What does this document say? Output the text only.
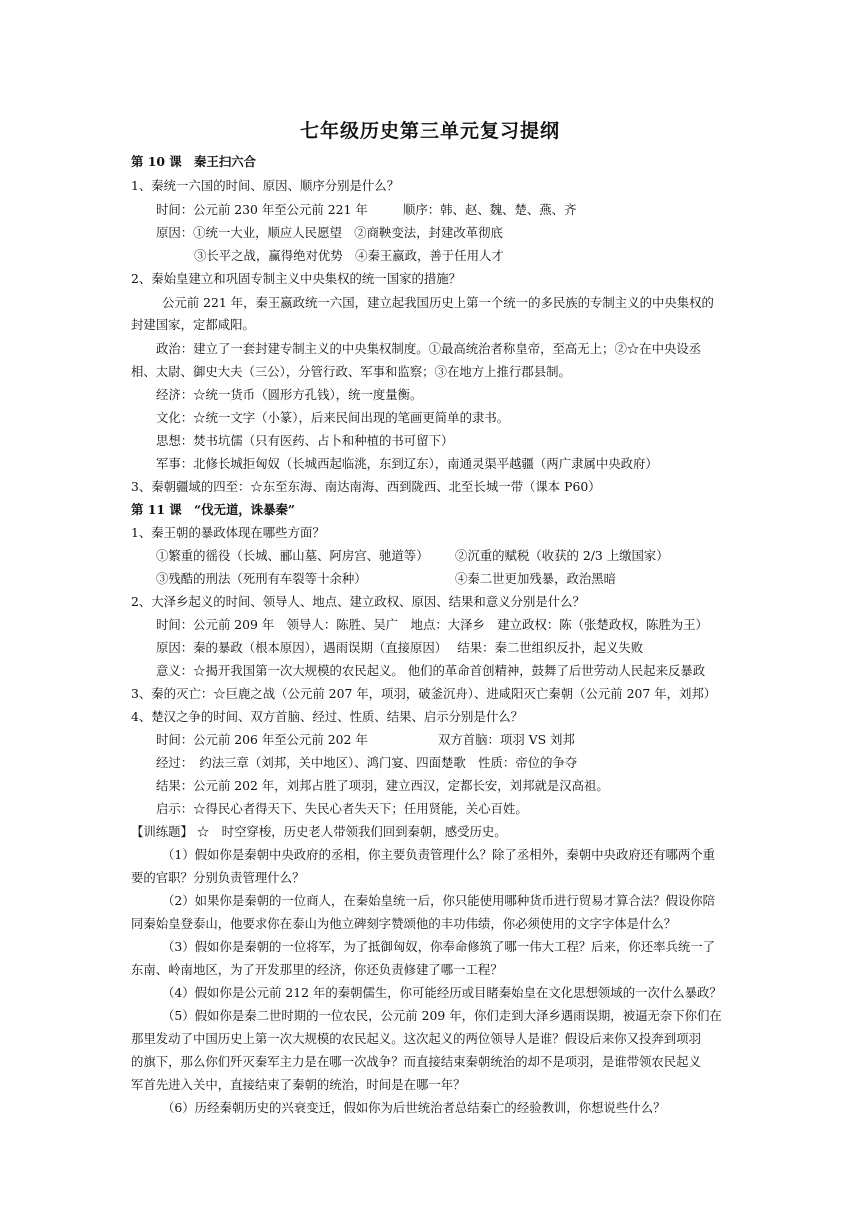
七年级历史第三单元复习提纲
第 10 课　秦王扫六合
1、秦统一六国的时间、原因、顺序分别是什么？
时间：公元前 230 年至公元前 221 年	顺序：韩、赵、魏、楚、燕、齐
原因：①统一大业，顺应人民愿望　②商鞅变法，封建改革彻底
③长平之战，赢得绝对优势　④秦王嬴政，善于任用人才
2、秦始皇建立和巩固专制主义中央集权的统一国家的措施？
公元前 221 年，秦王嬴政统一六国，建立起我国历史上第一个统一的多民族的专制主义的中央集权的
封建国家，定都咸阳。
政治：建立了一套封建专制主义的中央集权制度。①最高统治者称皇帝，至高无上；②☆在中央设丞
相、太尉、御史大夫（三公），分管行政、军事和监察；③在地方上推行郡县制。
经济：☆统一货币（圆形方孔钱），统一度量衡。
文化：☆统一文字（小篆），后来民间出现的笔画更简单的隶书。
思想：焚书坑儒（只有医药、占卜和种植的书可留下）
军事：北修长城拒匈奴（长城西起临洮，东到辽东），南通灵渠平越疆（两广隶属中央政府）
3、秦朝疆域的四至：☆东至东海、南达南海、西到陇西、北至长城一带（课本 P60）
第 11 课　“伐无道，诛暴秦”
1、秦王朝的暴政体现在哪些方面？
①繁重的徭役（长城、郦山墓、阿房宫、驰道等）	②沉重的赋税（收获的 2/3 上缴国家）
③残酷的刑法（死刑有车裂等十余种）	④秦二世更加残暴，政治黑暗
2、大泽乡起义的时间、领导人、地点、建立政权、原因、结果和意义分别是什么？
时间：公元前 209 年　领导人：陈胜、吴广　地点：大泽乡　建立政权：陈（张楚政权，陈胜为王）
原因：秦的暴政（根本原因），遇雨误期（直接原因）　 结果：秦二世组织反扑，起义失败
意义：☆揭开我国第一次大规模的农民起义。 他们的革命首创精神，鼓舞了后世劳动人民起来反暴政
3、秦的灭亡：☆巨鹿之战（公元前 207 年，项羽，破釜沉舟）、进咸阳灭亡秦朝（公元前 207 年，刘邦）
4、楚汉之争的时间、双方首脑、经过、性质、结果、启示分别是什么？
时间：公元前 206 年至公元前 202 年	双方首脑：项羽 VS 刘邦
经过：　约法三章（刘邦，关中地区）、鸿门宴、四面楚歌　性质：帝位的争夺
结果：公元前 202 年，刘邦占胜了项羽，建立西汉，定都长安，刘邦就是汉高祖。
启示：☆得民心者得天下、失民心者失天下；任用贤能，关心百姓。
【训练题】 ☆　时空穿梭，历史老人带领我们回到秦朝，感受历史。
（1）假如你是秦朝中央政府的丞相，你主要负责管理什么？除了丞相外，秦朝中央政府还有哪两个重
要的官职？分别负责管理什么？
（2）如果你是秦朝的一位商人，在秦始皇统一后，你只能使用哪种货币进行贸易才算合法？假设你陪
同秦始皇登泰山，他要求你在泰山为他立碑刻字赞颂他的丰功伟绩，你必须使用的文字字体是什么？
（3）假如你是秦朝的一位将军，为了抵御匈奴，你奉命修筑了哪一伟大工程？后来，你还率兵统一了
东南、岭南地区，为了开发那里的经济，你还负责修建了哪一工程？
（4）假如你是公元前 212 年的秦朝儒生，你可能经历或目睹秦始皇在文化思想领域的一次什么暴政？
（5）假如你是秦二世时期的一位农民，公元前 209 年，你们走到大泽乡遇雨误期，被逼无奈下你们在
那里发动了中国历史上第一次大规模的农民起义。这次起义的两位领导人是谁？假设后来你又投奔到项羽
的旗下，那么你们歼灭秦军主力是在哪一次战争？而直接结束秦朝统治的却不是项羽，是谁带领农民起义
军首先进入关中，直接结束了秦朝的统治，时间是在哪一年？
（6）历经秦朝历史的兴衰变迁，假如你为后世统治者总结秦亡的经验教训，你想说些什么？
